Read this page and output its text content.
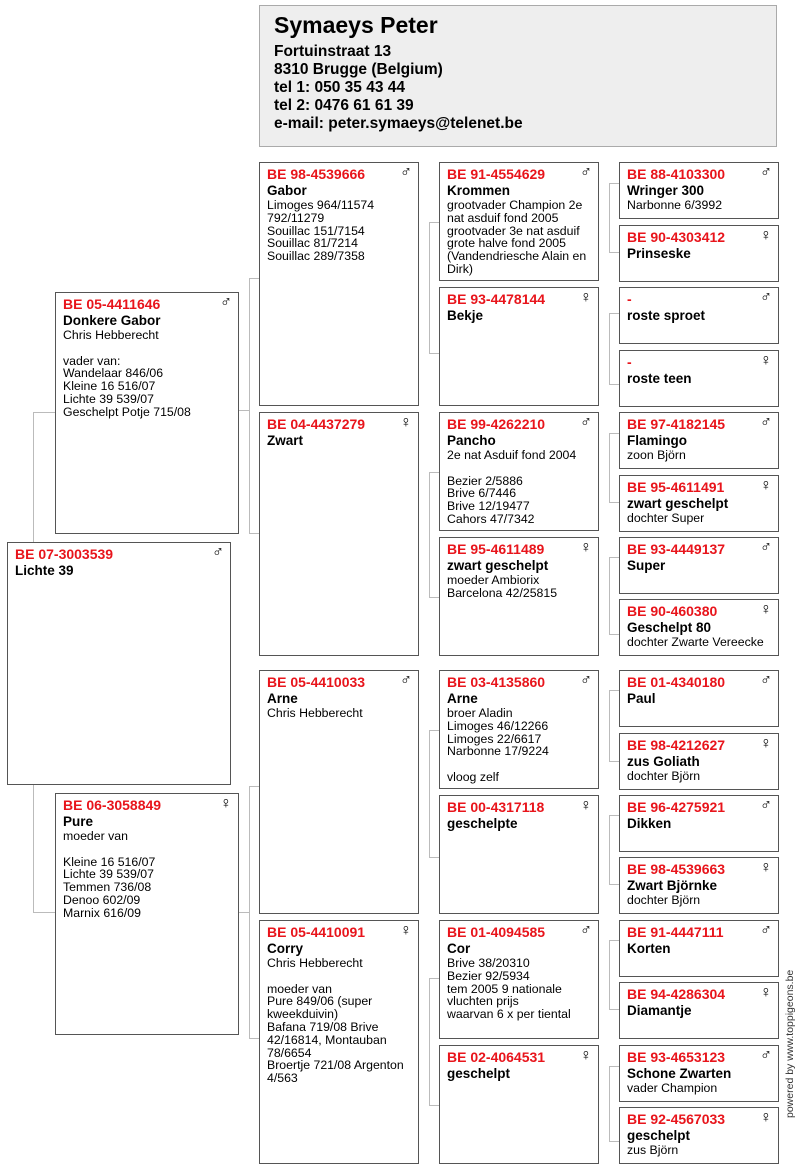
Symaeys Peter
Fortuinstraat 13
8310 Brugge (Belgium)
tel 1: 050 35 43 44
tel 2: 0476 61 61 39
e-mail: peter.symaeys@telenet.be
BE 07-3003539	♂
Lichte 39
BE 05-4411646	♂
Donkere Gabor
Chris Hebberecht

vader van:
Wandelaar 846/06
Kleine 16 516/07
Lichte 39 539/07
Geschelpt Potje 715/08
BE 06-3058849	♀
Pure
moeder van

Kleine 16 516/07
Lichte 39 539/07
Temmen 736/08
Denoo 602/09
Marnix 616/09
BE 98-4539666	♂
Gabor
Limoges 964/11574
792/11279
Souillac 151/7154
Souillac 81/7214
Souillac 289/7358
BE 04-4437279	♀
Zwart
BE 05-4410033	♂
Arne
Chris Hebberecht
BE 05-4410091	♀
Corry
Chris Hebberecht

moeder van
Pure 849/06 (super kweekduivin)
Bafana 719/08 Brive 42/16814, Montauban 78/6654
Broertje 721/08 Argenton 4/563
BE 91-4554629	♂
Krommen
grootvader Champion 2e nat asduif fond 2005
grootvader 3e nat asduif grote halve fond 2005
(Vandendriesche Alain en Dirk)
BE 93-4478144	♀
Bekje
BE 99-4262210	♂
Pancho
2e nat Asduif fond 2004

Bezier 2/5886
Brive 6/7446
Brive 12/19477
Cahors 47/7342
BE 95-4611489	♀
zwart geschelpt
moeder Ambiorix
Barcelona 42/25815
BE 03-4135860	♂
Arne
broer Aladin
Limoges 46/12266
Limoges 22/6617
Narbonne 17/9224

vloog zelf
BE 00-4317118	♀
geschelpte
BE 01-4094585	♂
Cor
Brive 38/20310
Bezier 92/5934
tem 2005 9 nationale vluchten prijs
waarvan 6 x per tiental
BE 02-4064531	♀
geschelpt
BE 88-4103300	♂
Wringer 300
Narbonne 6/3992
BE 90-4303412	♀
Prinseske
-	♂
roste sproet
-	♀
roste teen
BE 97-4182145	♂
Flamingo
zoon Björn
BE 95-4611491	♀
zwart geschelpt
dochter Super
BE 93-4449137	♂
Super
BE 90-460380	♀
Geschelpt 80
dochter Zwarte Vereecke
BE 01-4340180	♂
Paul
BE 98-4212627	♀
zus Goliath
dochter Björn
BE 96-4275921	♂
Dikken
BE 98-4539663	♀
Zwart Björnke
dochter Björn
BE 91-4447111	♂
Korten
BE 94-4286304	♀
Diamantje
BE 93-4653123	♂
Schone Zwarten
vader Champion
BE 92-4567033	♀
geschelpt
zus Björn
powered by www.toppigeons.be
